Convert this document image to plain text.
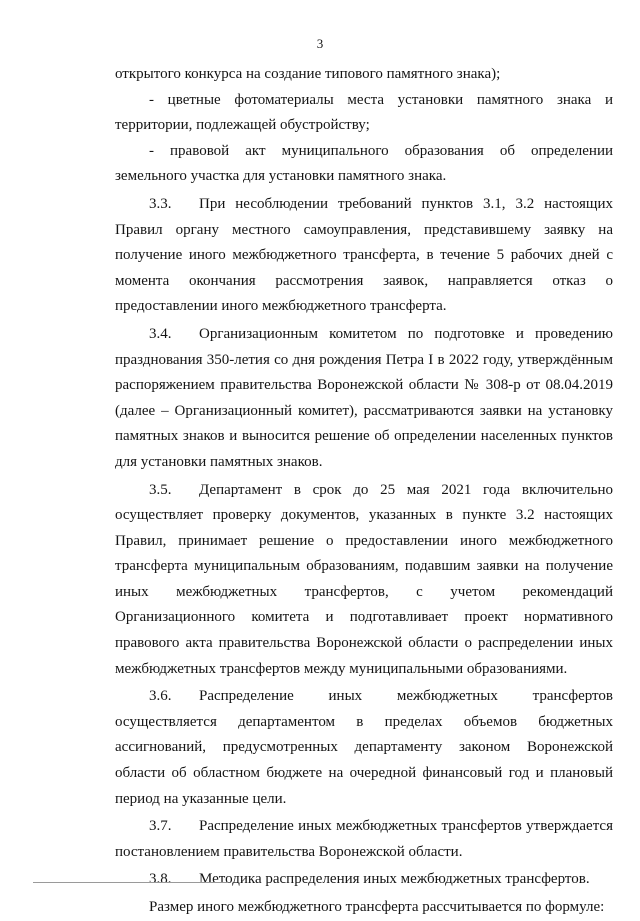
3

открытого конкурса на создание типового памятного знака);

- цветные фотоматериалы места установки памятного знака и территории, подлежащей обустройству;

- правовой акт муниципального образования об определении земельного участка для установки памятного знака.

3.3. При несоблюдении требований пунктов 3.1, 3.2 настоящих Правил органу местного самоуправления, представившему заявку на получение иного межбюджетного трансферта, в течение 5 рабочих дней с момента окончания рассмотрения заявок, направляется отказ о предоставлении иного межбюджетного трансферта.

3.4. Организационным комитетом по подготовке и проведению празднования 350-летия со дня рождения Петра I в 2022 году, утверждённым распоряжением правительства Воронежской области № 308-р от 08.04.2019 (далее – Организационный комитет), рассматриваются заявки на установку памятных знаков и выносится решение об определении населенных пунктов для установки памятных знаков.

3.5. Департамент в срок до 25 мая 2021 года включительно осуществляет проверку документов, указанных в пункте 3.2 настоящих Правил, принимает решение о предоставлении иного межбюджетного трансферта муниципальным образованиям, подавшим заявки на получение иных межбюджетных трансфертов, с учетом рекомендаций Организационного комитета и подготавливает проект нормативного правового акта правительства Воронежской области о распределении иных межбюджетных трансфертов между муниципальными образованиями.

3.6. Распределение иных межбюджетных трансфертов осуществляется департаментом в пределах объемов бюджетных ассигнований, предусмотренных департаменту законом Воронежской области об областном бюджете на очередной финансовый год и плановый период на указанные цели.

3.7. Распределение иных межбюджетных трансфертов утверждается постановлением правительства Воронежской области.

3.8. Методика распределения иных межбюджетных трансфертов.

Размер иного межбюджетного трансферта рассчитывается по формуле:
